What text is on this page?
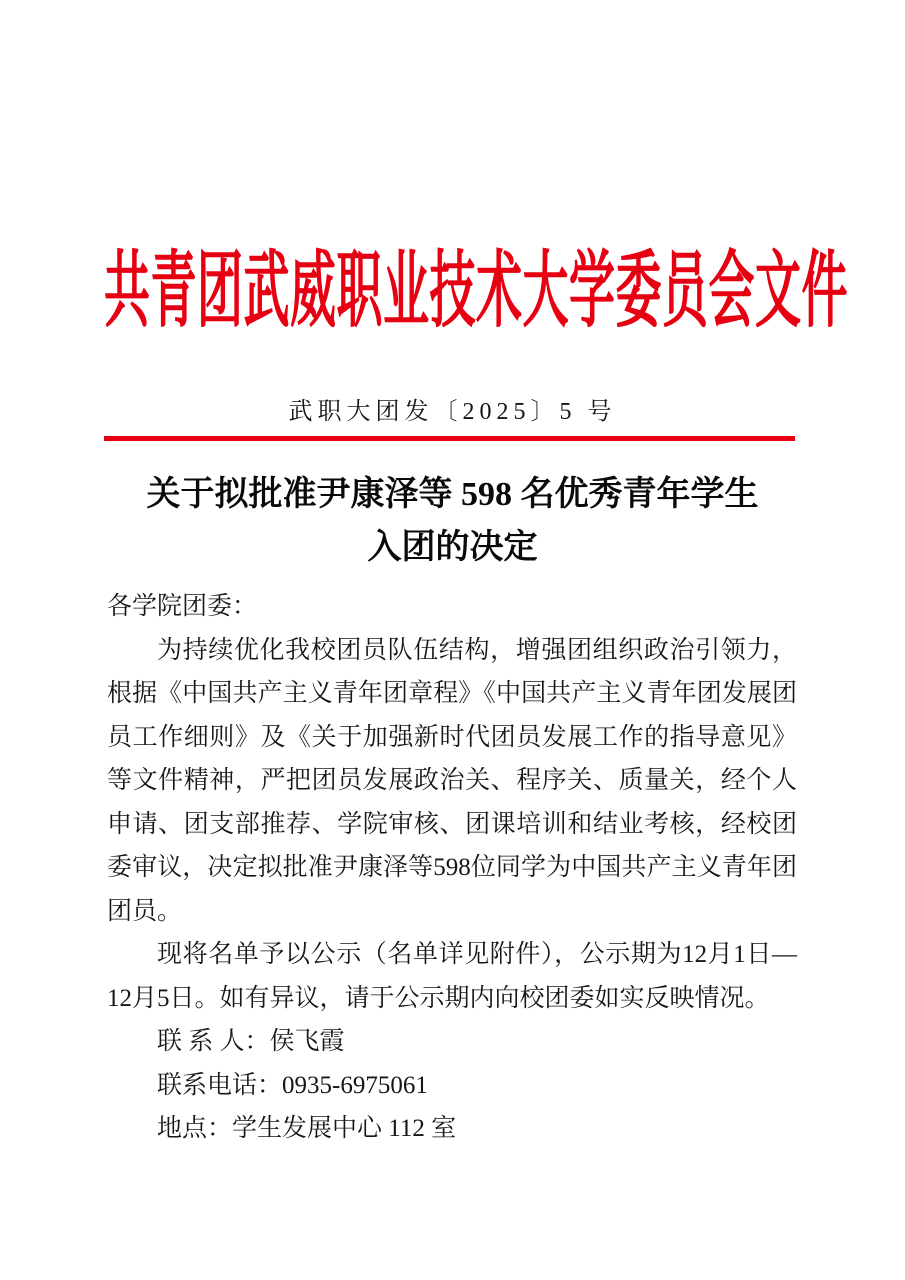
共青团武威职业技术大学委员会文件
武职大团发〔2025〕5 号
关于拟批准尹康泽等 598 名优秀青年学生
入团的决定

各学院团委：

为持续优化我校团员队伍结构，增强团组织政治引领力，根据《中国共产主义青年团章程》《中国共产主义青年团发展团员工作细则》及《关于加强新时代团员发展工作的指导意见》等文件精神，严把团员发展政治关、程序关、质量关，经个人申请、团支部推荐、学院审核、团课培训和结业考核，经校团委审议，决定拟批准尹康泽等598位同学为中国共产主义青年团团员。

现将名单予以公示（名单详见附件），公示期为12月1日—12月5日。如有异议，请于公示期内向校团委如实反映情况。

联 系 人：侯飞霞

联系电话：0935-6975061

地点：学生发展中心 112 室
